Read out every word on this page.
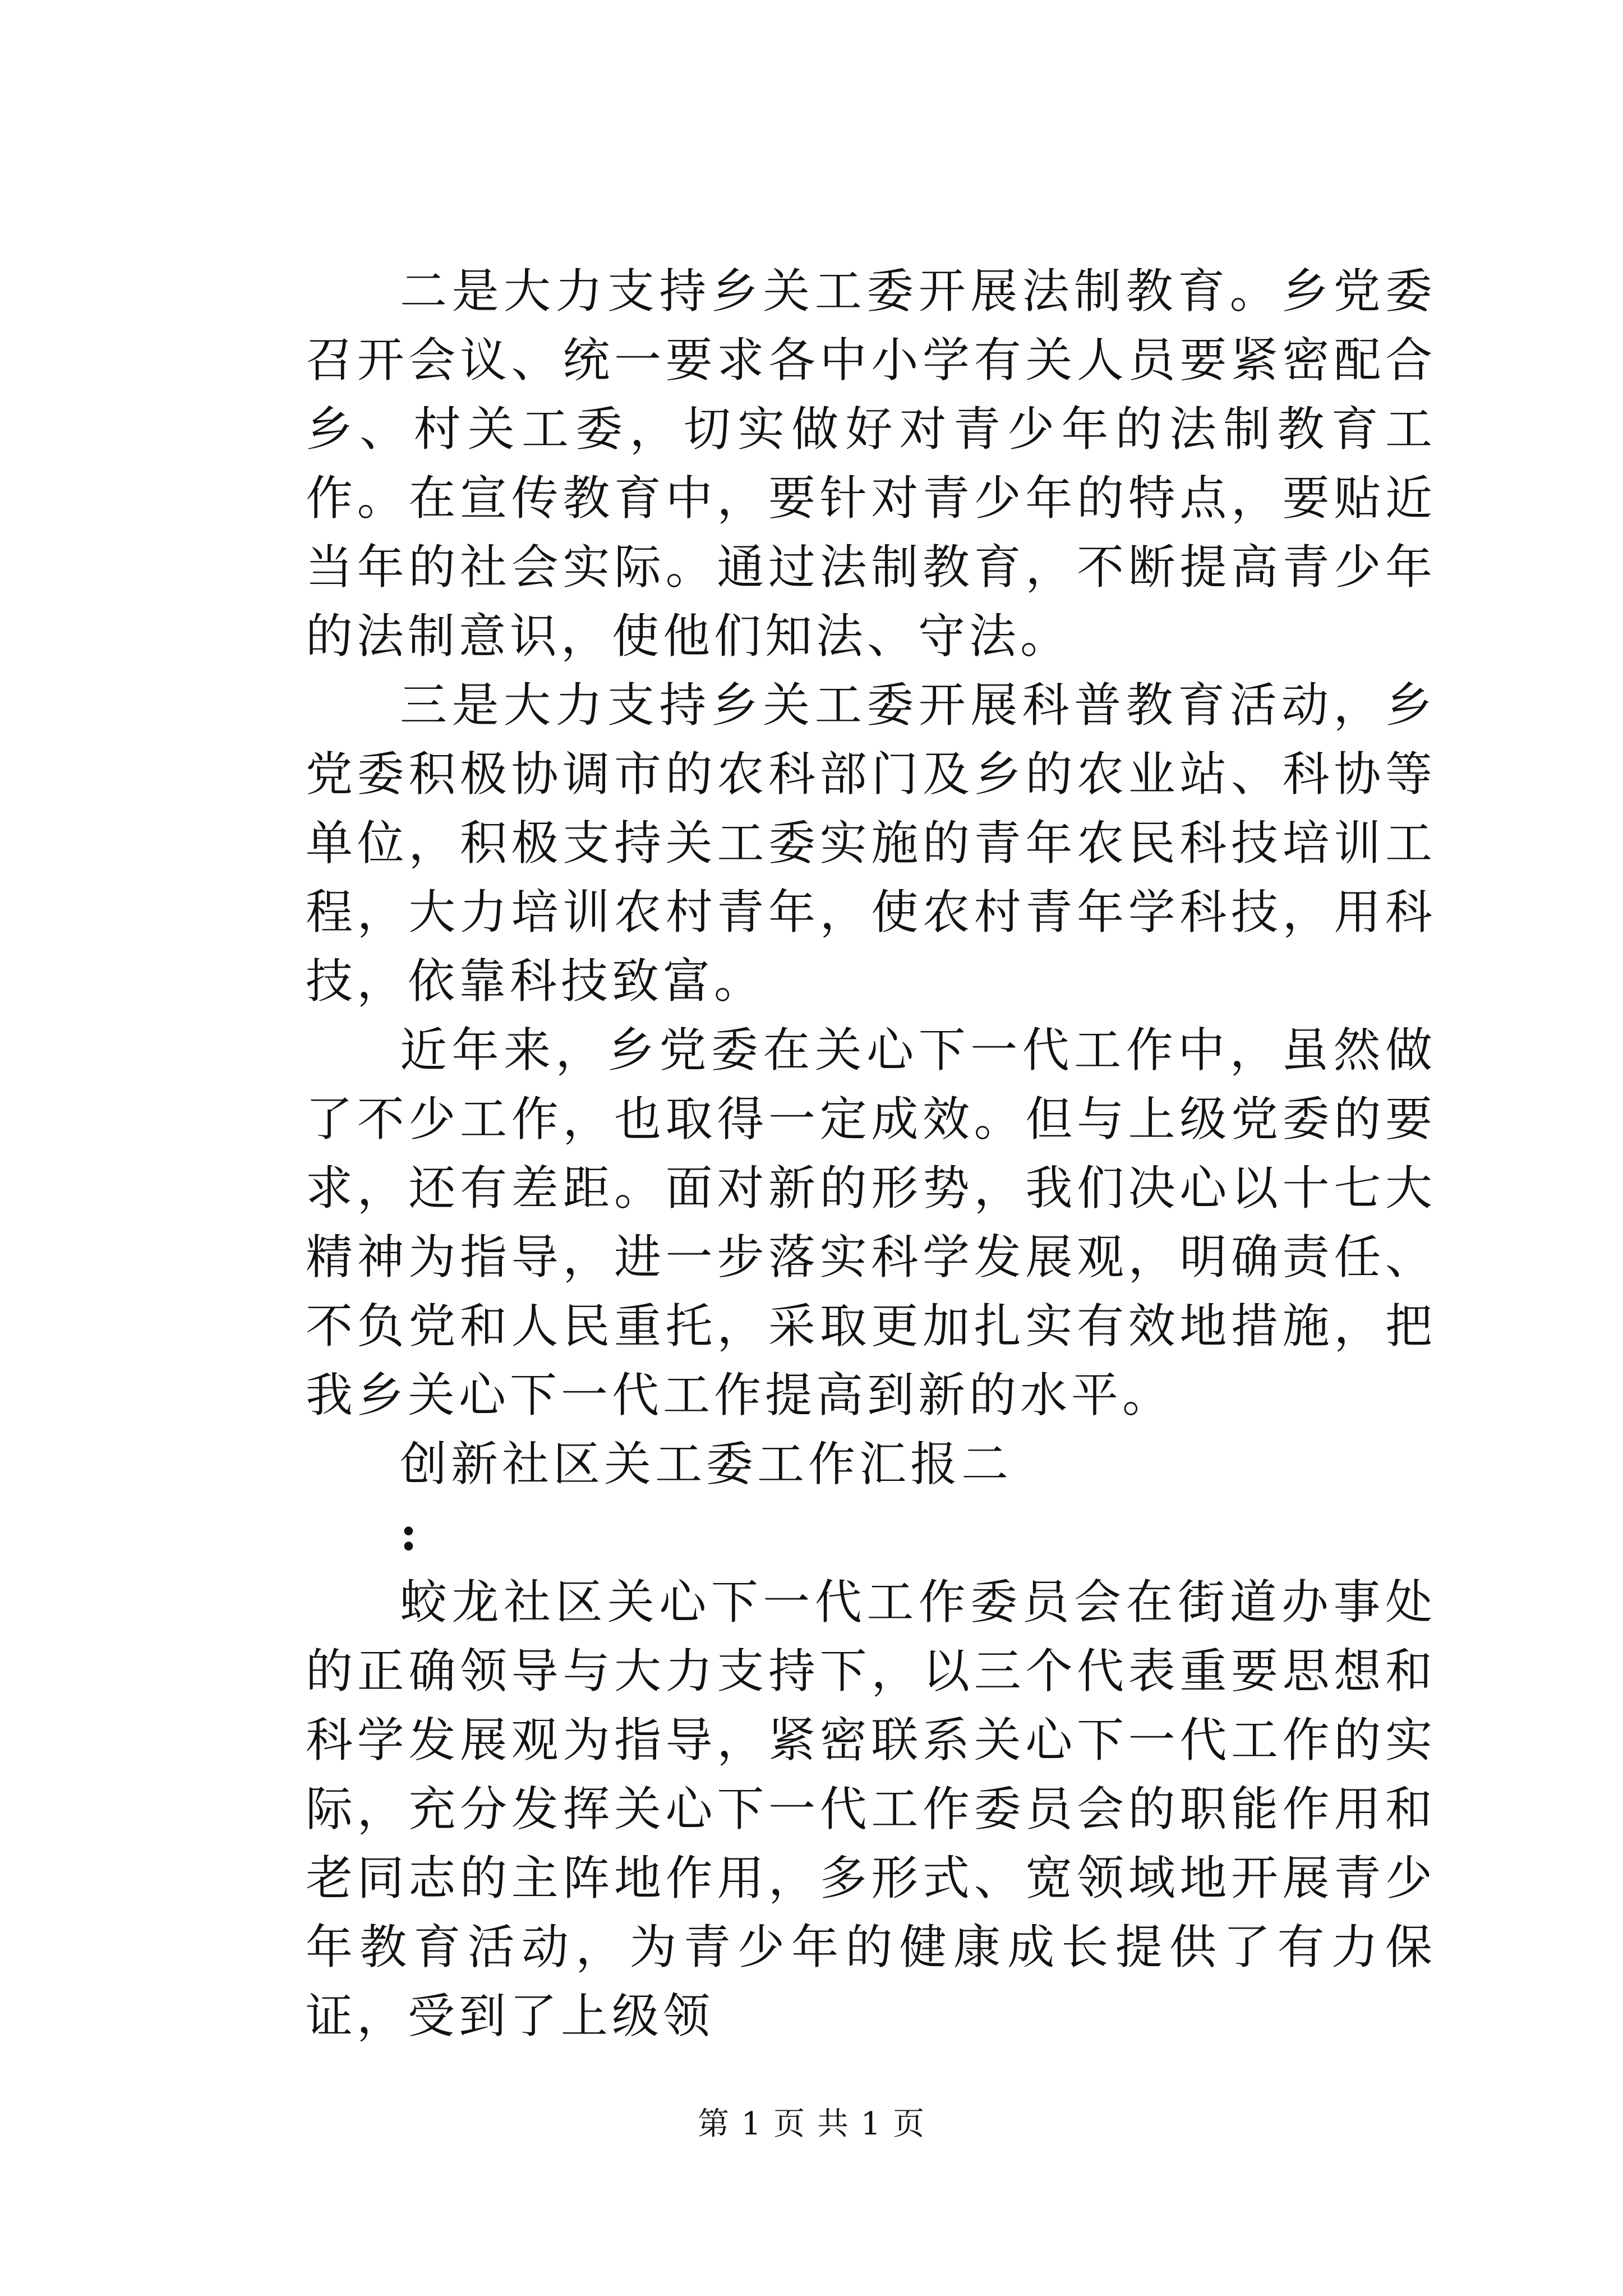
二是大力支持乡关工委开展法制教育。乡党委召开会议、统一要求各中小学有关人员要紧密配合乡、村关工委，切实做好对青少年的法制教育工作。在宣传教育中，要针对青少年的特点，要贴近当年的社会实际。通过法制教育，不断提高青少年的法制意识，使他们知法、守法。

三是大力支持乡关工委开展科普教育活动，乡党委积极协调市的农科部门及乡的农业站、科协等单位，积极支持关工委实施的青年农民科技培训工程，大力培训农村青年，使农村青年学科技，用科技，依靠科技致富。

近年来，乡党委在关心下一代工作中，虽然做了不少工作，也取得一定成效。但与上级党委的要求，还有差距。面对新的形势，我们决心以十七大精神为指导，进一步落实科学发展观，明确责任、不负党和人民重托，采取更加扎实有效地措施，把我乡关心下一代工作提高到新的水平。

创新社区关工委工作汇报二

:

蛟龙社区关心下一代工作委员会在街道办事处的正确领导与大力支持下，以三个代表重要思想和科学发展观为指导，紧密联系关心下一代工作的实际，充分发挥关心下一代工作委员会的职能作用和老同志的主阵地作用，多形式、宽领域地开展青少年教育活动，为青少年的健康成长提供了有力保证，受到了上级领

第 1 页 共 1 页
